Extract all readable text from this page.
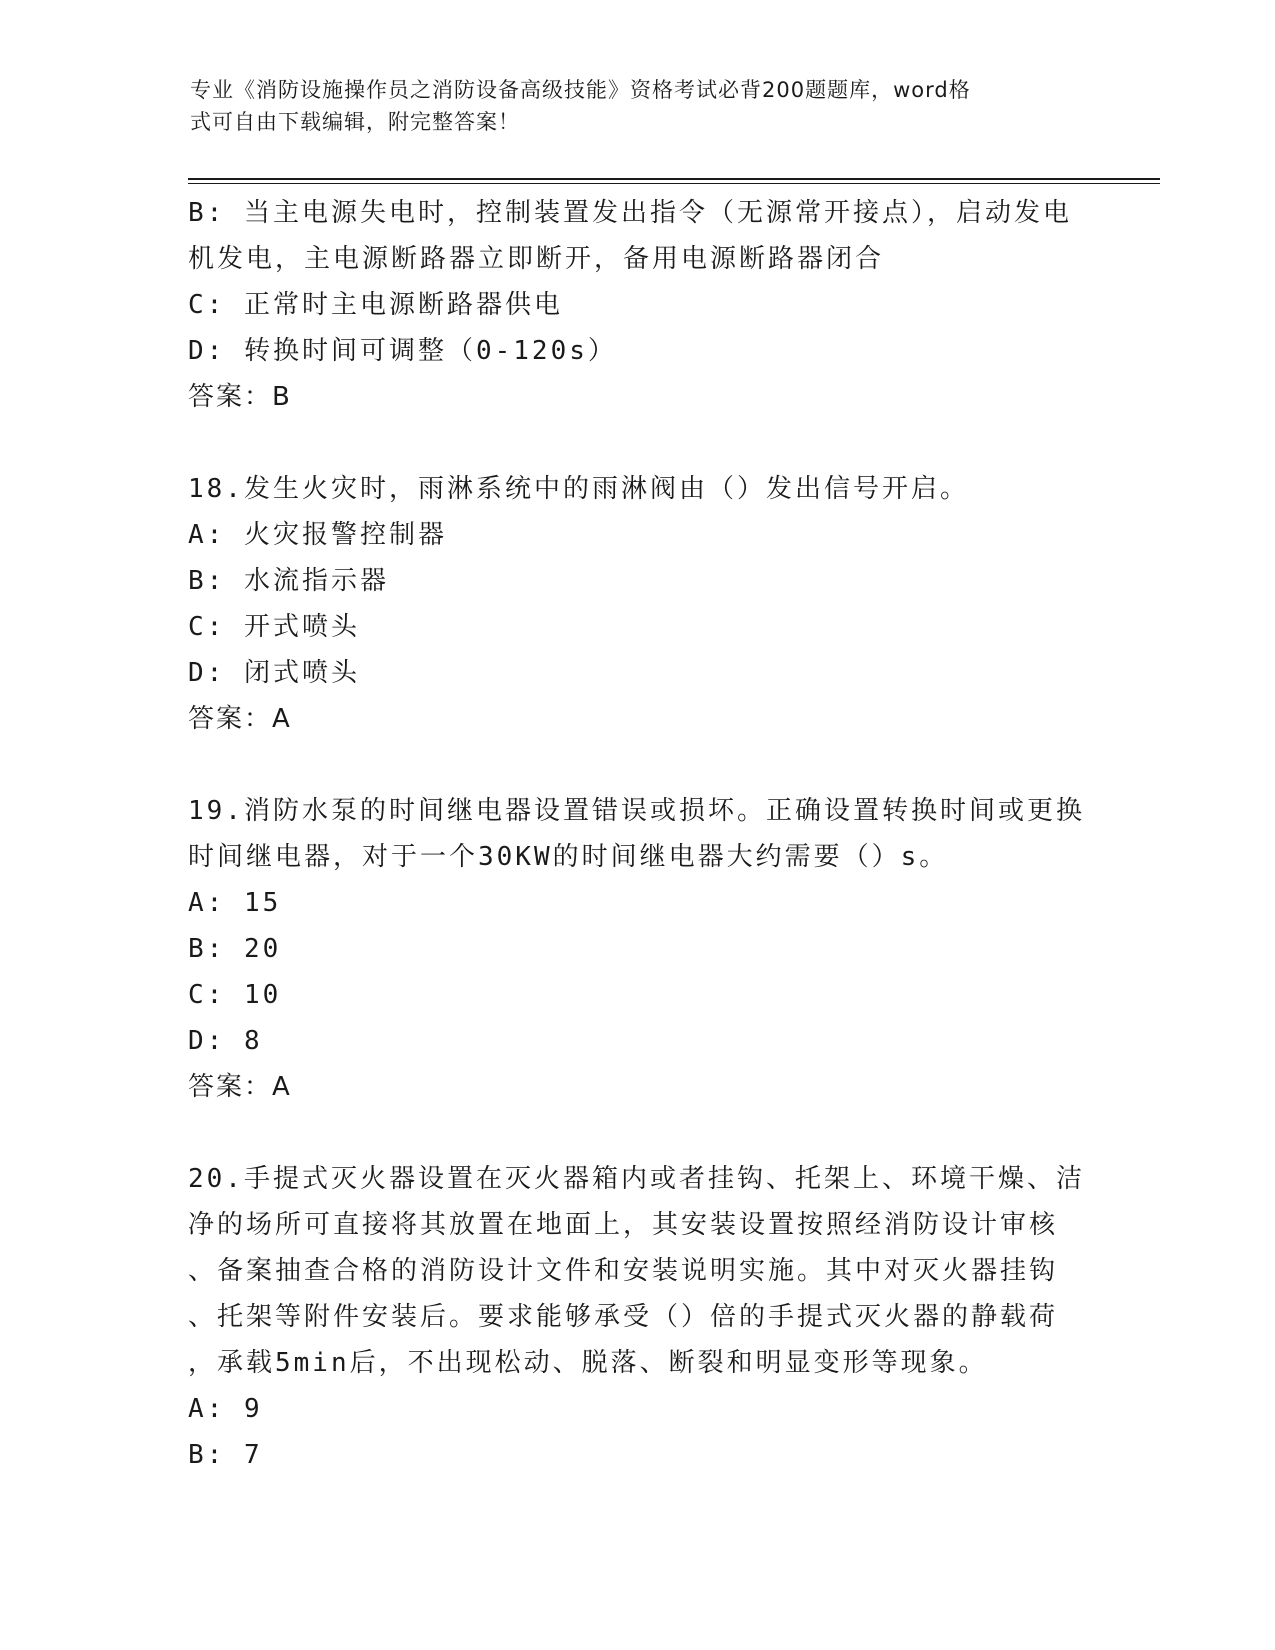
专业《消防设施操作员之消防设备高级技能》资格考试必背200题题库，word格
式可自由下载编辑，附完整答案！
B: 当主电源失电时，控制装置发出指令（无源常开接点），启动发电
机发电，主电源断路器立即断开，备用电源断路器闭合
C: 正常时主电源断路器供电
D: 转换时间可调整（0-120s）
答案：B
18.发生火灾时，雨淋系统中的雨淋阀由（）发出信号开启。
A: 火灾报警控制器
B: 水流指示器
C: 开式喷头
D: 闭式喷头
答案：A
19.消防水泵的时间继电器设置错误或损坏。正确设置转换时间或更换
时间继电器，对于一个30KW的时间继电器大约需要（）s。
A: 15
B: 20
C: 10
D: 8
答案：A
20.手提式灭火器设置在灭火器箱内或者挂钩、托架上、环境干燥、洁
净的场所可直接将其放置在地面上，其安装设置按照经消防设计审核
、备案抽查合格的消防设计文件和安装说明实施。其中对灭火器挂钩
、托架等附件安装后。要求能够承受（）倍的手提式灭火器的静载荷
，承载5min后，不出现松动、脱落、断裂和明显变形等现象。
A: 9
B: 7
